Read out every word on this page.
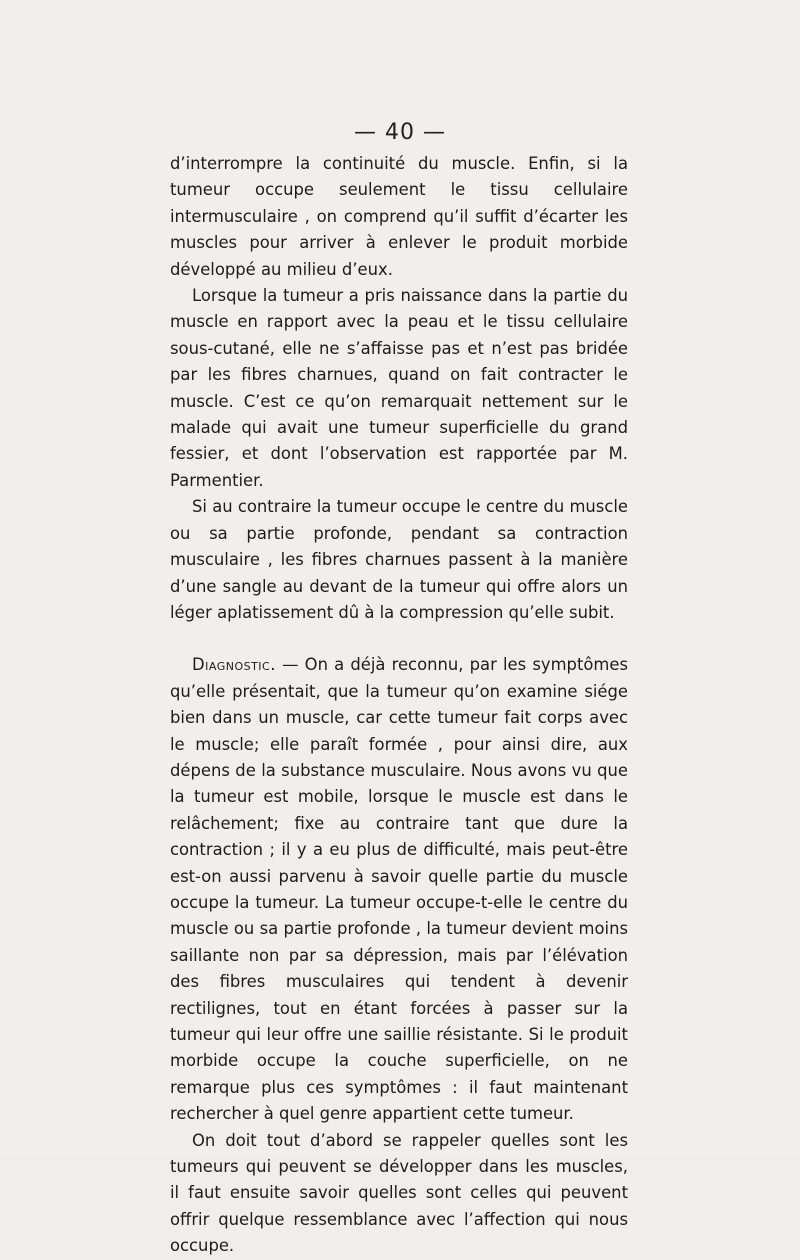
— 40 —

d’interrompre la continuité du muscle. Enfin, si la tumeur occupe seulement le tissu cellulaire intermusculaire , on comprend qu’il suffit d’écarter les muscles pour arriver à enlever le produit morbide développé au milieu d’eux.

Lorsque la tumeur a pris naissance dans la partie du muscle en rapport avec la peau et le tissu cellulaire sous-cutané, elle ne s’affaisse pas et n’est pas bridée par les fibres charnues, quand on fait contracter le muscle. C’est ce qu’on remarquait nettement sur le malade qui avait une tumeur superficielle du grand fessier, et dont l’observation est rapportée par M. Parmentier.

Si au contraire la tumeur occupe le centre du muscle ou sa partie profonde, pendant sa contraction musculaire , les fibres charnues passent à la manière d’une sangle au devant de la tumeur qui offre alors un léger aplatissement dû à la compression qu’elle subit.

Diagnostic. — On a déjà reconnu, par les symptômes qu’elle présentait, que la tumeur qu’on examine siége bien dans un muscle, car cette tumeur fait corps avec le muscle; elle paraît formée , pour ainsi dire, aux dépens de la substance musculaire. Nous avons vu que la tumeur est mobile, lorsque le muscle est dans le relâchement; fixe au contraire tant que dure la contraction ; il y a eu plus de difficulté, mais peut-être est-on aussi parvenu à savoir quelle partie du muscle occupe la tumeur. La tumeur occupe-t-elle le centre du muscle ou sa partie profonde , la tumeur devient moins saillante non par sa dépression, mais par l’élévation des fibres musculaires qui tendent à devenir rectilignes, tout en étant forcées à passer sur la tumeur qui leur offre une saillie résistante. Si le produit morbide occupe la couche superficielle, on ne remarque plus ces symptômes : il faut maintenant rechercher à quel genre appartient cette tumeur.

On doit tout d’abord se rappeler quelles sont les tumeurs qui peuvent se développer dans les muscles, il faut ensuite savoir quelles sont celles qui peuvent offrir quelque ressemblance avec l’affection qui nous occupe.
